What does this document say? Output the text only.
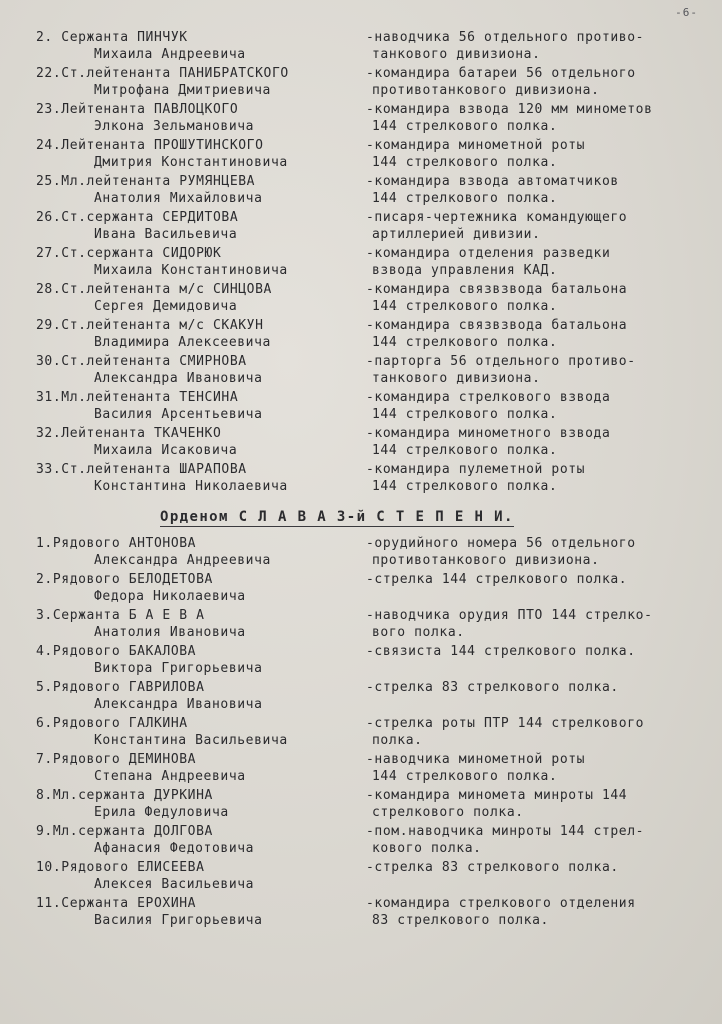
-6-
2. Сержанта ПИНЧУК
Михаила Андреевича
-наводчика 56 отдельного противо-
танкового дивизиона.
22.Ст.лейтенанта ПАНИБРАТСКОГО
Митрофана Дмитриевича
-командира батареи 56 отдельного
противотанкового дивизиона.
23.Лейтенанта ПАВЛОЦКОГО
Элкона Зельмановича
-командира взвода 120 мм минометов
144 стрелкового полка.
24.Лейтенанта ПРОШУТИНСКОГО
Дмитрия Константиновича
-командира минометной роты
144 стрелкового полка.
25.Мл.лейтенанта РУМЯНЦЕВА
Анатолия Михайловича
-командира взвода автоматчиков
144 стрелкового полка.
26.Ст.сержанта СЕРДИТОВА
Ивана Васильевича
-писаря-чертежника командующего
артиллерией дивизии.
27.Ст.сержанта СИДОРЮК
Михаила Константиновича
-командира отделения разведки
взвода управления КАД.
28.Ст.лейтенанта м/с СИНЦОВА
Сергея Демидовича
-командира связвзвода батальона
144 стрелкового полка.
29.Ст.лейтенанта м/с СКАКУН
Владимира Алексеевича
-командира связвзвода батальона
144 стрелкового полка.
30.Ст.лейтенанта СМИРНОВА
Александра Ивановича
-парторга 56 отдельного противо-
танкового дивизиона.
31.Мл.лейтенанта ТЕНСИНА
Василия Арсентьевича
-командира стрелкового взвода
144 стрелкового полка.
32.Лейтенанта ТКАЧЕНКО
Михаила Исаковича
-командира минометного взвода
144 стрелкового полка.
33.Ст.лейтенанта ШАРАПОВА
Константина Николаевича
-командира пулеметной роты
144 стрелкового полка.
1.Рядового АНТОНОВА
Александра Андреевича
-орудийного номера 56 отдельного
противотанкового дивизиона.
2.Рядового БЕЛОДЕТОВА
Федора Николаевича
-стрелка 144 стрелкового полка.
3.Сержанта Б А Е В А
Анатолия Ивановича
-наводчика орудия ПТО 144 стрелко-
вого полка.
4.Рядового БАКАЛОВА
Виктора Григорьевича
-связиста 144 стрелкового полка.
5.Рядового ГАВРИЛОВА
Александра Ивановича
-стрелка 83 стрелкового полка.
6.Рядового ГАЛКИНА
Константина Васильевича
-стрелка роты ПТР 144 стрелкового
полка.
7.Рядового ДЕМИНОВА
Степана Андреевича
-наводчика минометной роты
144 стрелкового полка.
8.Мл.сержанта ДУРКИНА
Ерила Федуловича
-командира миномета минроты 144
стрелкового полка.
9.Мл.сержанта ДОЛГОВА
Афанасия Федотовича
-пом.наводчика минроты 144 стрел-
кового полка.
10.Рядового ЕЛИСЕЕВА
Алексея Васильевича
-стрелка 83 стрелкового полка.
11.Сержанта ЕРОХИНА
Василия Григорьевича
-командира стрелкового отделения
83 стрелкового полка.
Орденом С Л А В А 3-й С Т Е П Е Н И.
